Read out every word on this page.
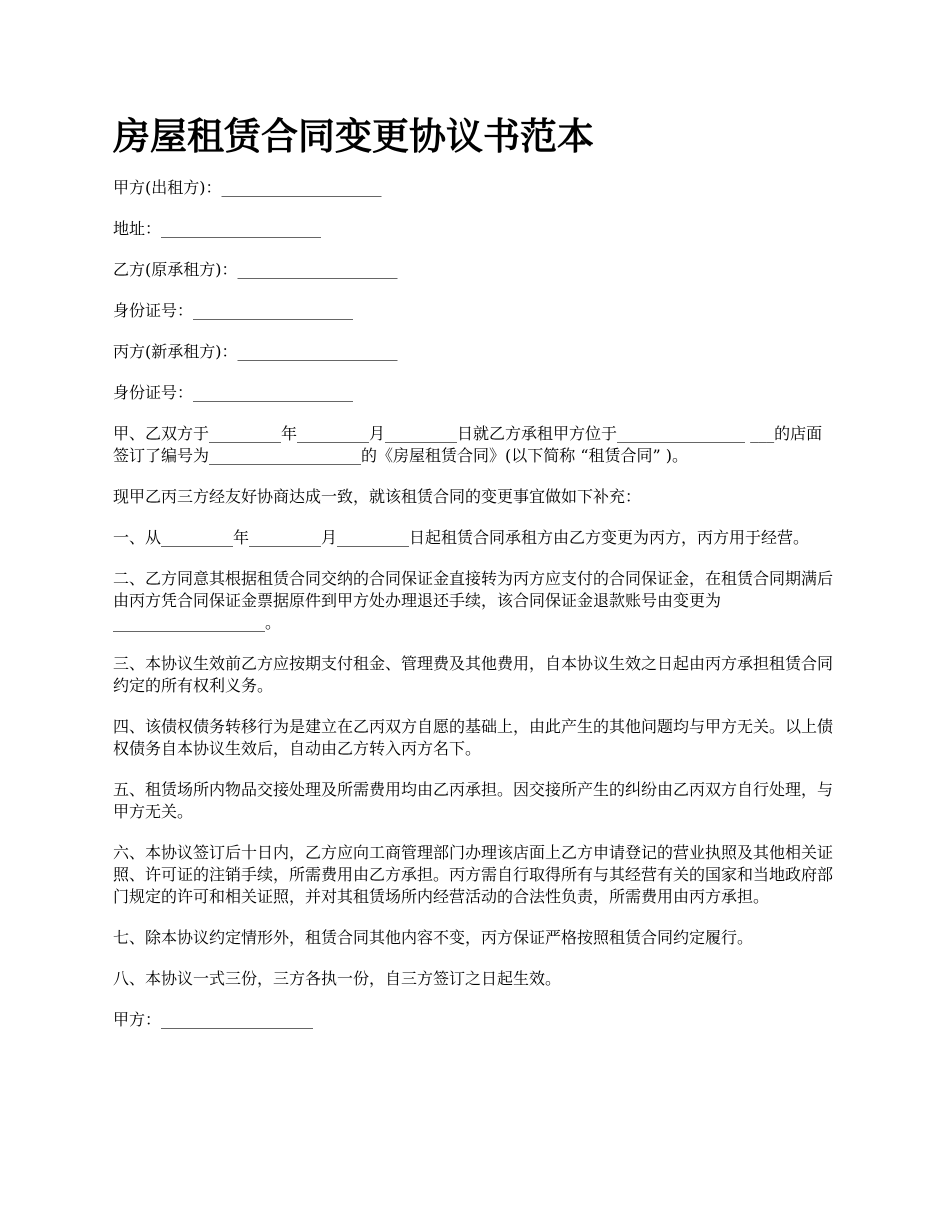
房屋租赁合同变更协议书范本

甲方(出租方)：____________________

地址：____________________

乙方(原承租方)：____________________

身份证号：____________________

丙方(新承租方)：____________________

身份证号：____________________

甲、乙双方于_________年_________月_________日就乙方承租甲方位于________________ ___的店面签订了编号为___________________的《房屋租赁合同》(以下简称 “租赁合同” )。

现甲乙丙三方经友好协商达成一致，就该租赁合同的变更事宜做如下补充：

一、从_________年_________月_________日起租赁合同承租方由乙方变更为丙方，丙方用于经营。

二、乙方同意其根据租赁合同交纳的合同保证金直接转为丙方应支付的合同保证金，在租赁合同期满后由丙方凭合同保证金票据原件到甲方处办理退还手续，该合同保证金退款账号由变更为___________________。

三、本协议生效前乙方应按期支付租金、管理费及其他费用，自本协议生效之日起由丙方承担租赁合同约定的所有权利义务。

四、该债权债务转移行为是建立在乙丙双方自愿的基础上，由此产生的其他问题均与甲方无关。以上债权债务自本协议生效后，自动由乙方转入丙方名下。

五、租赁场所内物品交接处理及所需费用均由乙丙承担。因交接所产生的纠纷由乙丙双方自行处理，与甲方无关。

六、本协议签订后十日内，乙方应向工商管理部门办理该店面上乙方申请登记的营业执照及其他相关证照、许可证的注销手续，所需费用由乙方承担。丙方需自行取得所有与其经营有关的国家和当地政府部门规定的许可和相关证照，并对其租赁场所内经营活动的合法性负责，所需费用由丙方承担。

七、除本协议约定情形外，租赁合同其他内容不变，丙方保证严格按照租赁合同约定履行。

八、本协议一式三份，三方各执一份，自三方签订之日起生效。

甲方：___________________
